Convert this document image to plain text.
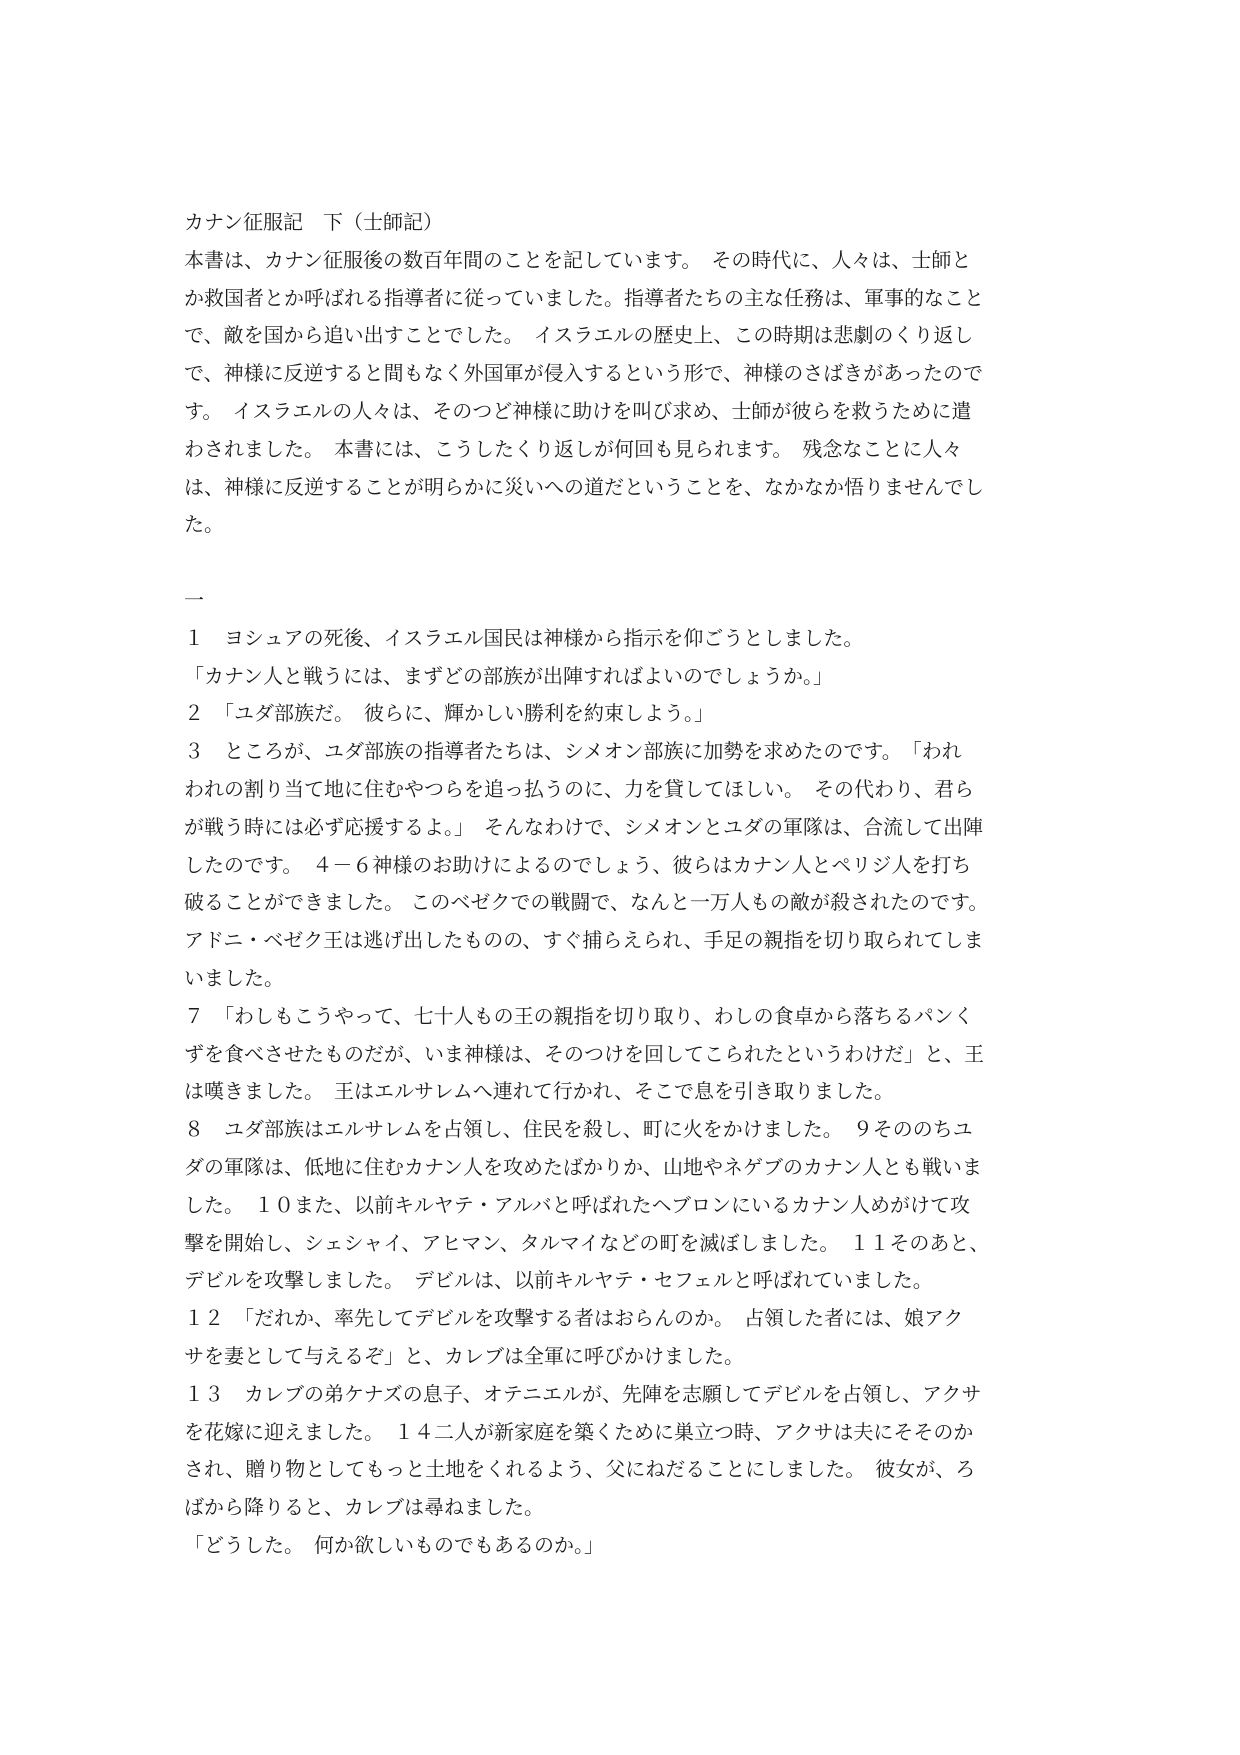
カナン征服記　下（士師記）
本書は、カナン征服後の数百年間のことを記しています。　その時代に、人々は、士師と
か救国者とか呼ばれる指導者に従っていました。指導者たちの主な任務は、軍事的なこと
で、敵を国から追い出すことでした。　イスラエルの歴史上、この時期は悲劇のくり返し
で、神様に反逆すると間もなく外国軍が侵入するという形で、神様のさばきがあったので
す。　イスラエルの人々は、そのつど神様に助けを叫び求め、士師が彼らを救うために遣
わされました。　本書には、こうしたくり返しが何回も見られます。　残念なことに人々
は、神様に反逆することが明らかに災いへの道だということを、なかなか悟りませんでし
た。
一
１　ヨシュアの死後、イスラエル国民は神様から指示を仰ごうとしました。
「カナン人と戦うには、まずどの部族が出陣すればよいのでしょうか。」
２　「ユダ部族だ。　彼らに、輝かしい勝利を約束しよう。」
３　ところが、ユダ部族の指導者たちは、シメオン部族に加勢を求めたのです。　「われ
われの割り当て地に住むやつらを追っ払うのに、力を貸してほしい。　その代わり、君ら
が戦う時には必ず応援するよ。」　そんなわけで、シメオンとユダの軍隊は、合流して出陣
したのです。　４－６神様のお助けによるのでしょう、彼らはカナン人とペリジ人を打ち
破ることができました。 このベゼクでの戦闘で、なんと一万人もの敵が殺されたのです。
アドニ・ベゼク王は逃げ出したものの、すぐ捕らえられ、手足の親指を切り取られてしま
いました。
７　「わしもこうやって、七十人もの王の親指を切り取り、わしの食卓から落ちるパンく
ずを食べさせたものだが、いま神様は、そのつけを回してこられたというわけだ」と、王
は嘆きました。　王はエルサレムへ連れて行かれ、そこで息を引き取りました。
８　ユダ部族はエルサレムを占領し、住民を殺し、町に火をかけました。　９そののちユ
ダの軍隊は、低地に住むカナン人を攻めたばかりか、山地やネゲブのカナン人とも戦いま
した。　１０また、以前キルヤテ・アルバと呼ばれたヘブロンにいるカナン人めがけて攻
撃を開始し、シェシャイ、アヒマン、タルマイなどの町を滅ぼしました。　１１そのあと、
デビルを攻撃しました。　デビルは、以前キルヤテ・セフェルと呼ばれていました。
１２　「だれか、率先してデビルを攻撃する者はおらんのか。　占領した者には、娘アク
サを妻として与えるぞ」と、カレブは全軍に呼びかけました。
１３　カレブの弟ケナズの息子、オテニエルが、先陣を志願してデビルを占領し、アクサ
を花嫁に迎えました。　１４二人が新家庭を築くために巣立つ時、アクサは夫にそそのか
され、贈り物としてもっと土地をくれるよう、父にねだることにしました。　彼女が、ろ
ばから降りると、カレブは尋ねました。
「どうした。　何か欲しいものでもあるのか。」
